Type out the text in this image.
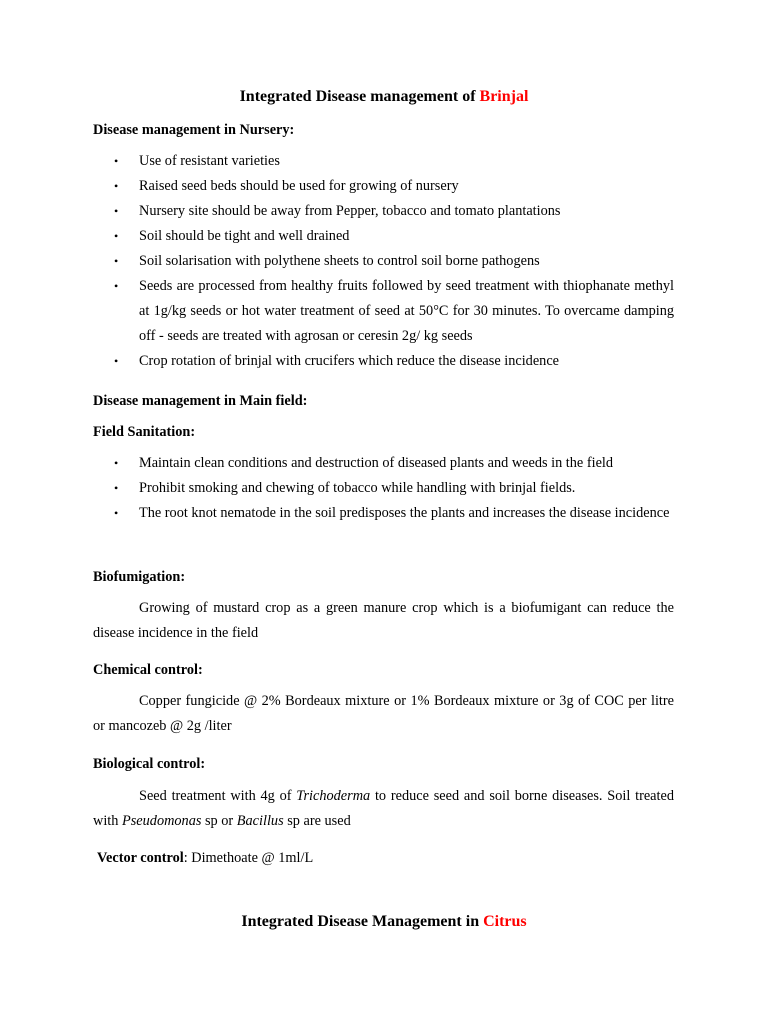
Integrated Disease management of Brinjal

Disease management in Nursery:

• Use of resistant varieties
• Raised seed beds should be used for growing of nursery
• Nursery site should be away from Pepper, tobacco and tomato plantations
• Soil should be tight and well drained
• Soil solarisation with polythene sheets to control soil borne pathogens
• Seeds are processed from healthy fruits followed by seed treatment with thiophanate methyl at 1g/kg seeds or hot water treatment of seed at 50°C for 30 minutes. To overcame damping off - seeds are treated with agrosan or ceresin 2g/ kg seeds
• Crop rotation of brinjal with crucifers which reduce the disease incidence

Disease management in Main field:

Field Sanitation:

• Maintain clean conditions and destruction of diseased plants and weeds in the field
• Prohibit smoking and chewing of tobacco while handling with brinjal fields.
• The root knot nematode in the soil predisposes the plants and increases the disease incidence

Biofumigation:

Growing of mustard crop as a green manure crop which is a biofumigant can reduce the disease incidence in the field

Chemical control:

Copper fungicide @ 2% Bordeaux mixture or 1% Bordeaux mixture or 3g of COC per litre or mancozeb @ 2g /liter

Biological control:

Seed treatment with 4g of Trichoderma to reduce seed and soil borne diseases. Soil treated with Pseudomonas sp or Bacillus sp are used

Vector control: Dimethoate @ 1ml/L

Integrated Disease Management in Citrus
